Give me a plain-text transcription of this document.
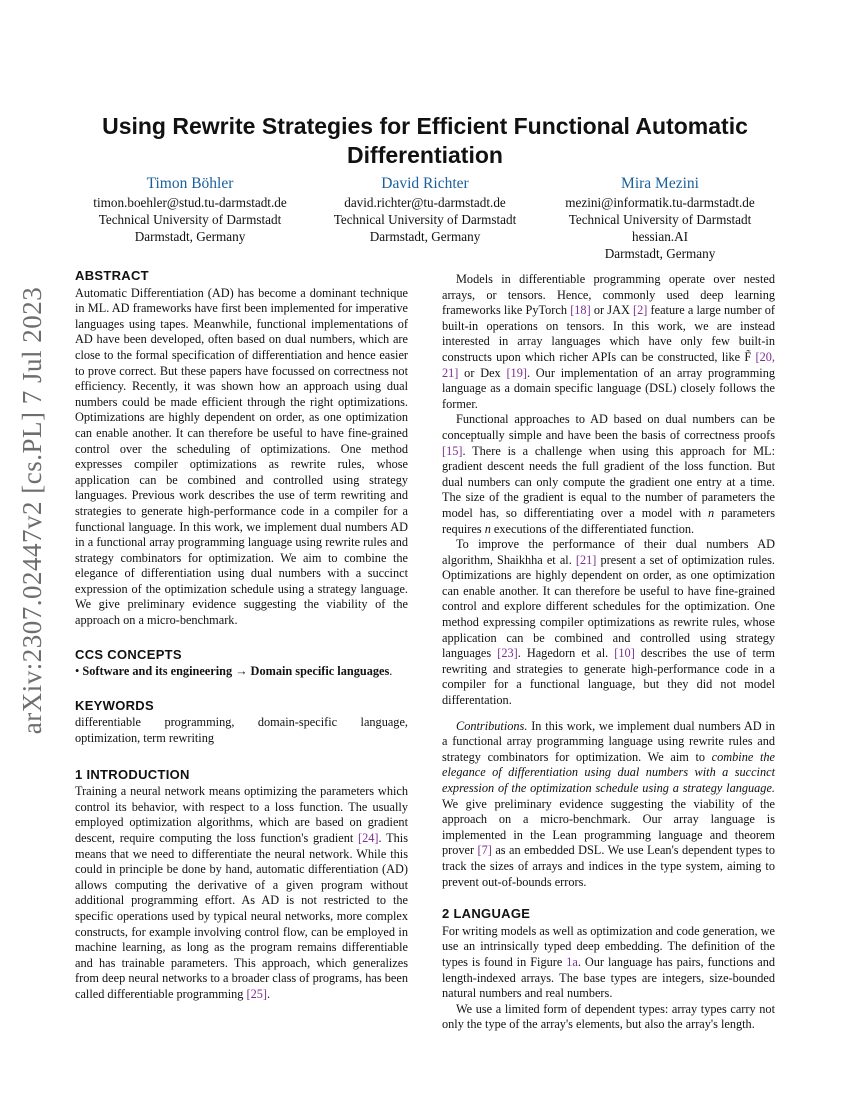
arXiv:2307.02447v2 [cs.PL] 7 Jul 2023
Using Rewrite Strategies for Efficient Functional Automatic Differentiation
Timon Böhler
timon.boehler@stud.tu-darmstadt.de
Technical University of Darmstadt
Darmstadt, Germany
David Richter
david.richter@tu-darmstadt.de
Technical University of Darmstadt
Darmstadt, Germany
Mira Mezini
mezini@informatik.tu-darmstadt.de
Technical University of Darmstadt
hessian.AI
Darmstadt, Germany
ABSTRACT

Automatic Differentiation (AD) has become a dominant technique in ML. AD frameworks have first been implemented for imperative languages using tapes. Meanwhile, functional implementations of AD have been developed, often based on dual numbers, which are close to the formal specification of differentiation and hence easier to prove correct. But these papers have focussed on correctness not efficiency. Recently, it was shown how an approach using dual numbers could be made efficient through the right optimizations. Optimizations are highly dependent on order, as one optimization can enable another. It can therefore be useful to have fine-grained control over the scheduling of optimizations. One method expresses compiler optimizations as rewrite rules, whose application can be combined and controlled using strategy languages. Previous work describes the use of term rewriting and strategies to generate high-performance code in a compiler for a functional language. In this work, we implement dual numbers AD in a functional array programming language using rewrite rules and strategy combinators for optimization. We aim to combine the elegance of differentiation using dual numbers with a succinct expression of the optimization schedule using a strategy language. We give preliminary evidence suggesting the viability of the approach on a micro-benchmark.

CCS CONCEPTS

• Software and its engineering → Domain specific languages.

KEYWORDS

differentiable programming, domain-specific language, optimization, term rewriting

1 INTRODUCTION

Training a neural network means optimizing the parameters which control its behavior, with respect to a loss function. The usually employed optimization algorithms, which are based on gradient descent, require computing the loss function's gradient [24]. This means that we need to differentiate the neural network. While this could in principle be done by hand, automatic differentiation (AD) allows computing the derivative of a given program without additional programming effort. As AD is not restricted to the specific operations used by typical neural networks, more complex constructs, for example involving control flow, can be employed in machine learning, as long as the program remains differentiable and has trainable parameters. This approach, which generalizes from deep neural networks to a broader class of programs, has been called differentiable programming [25].

Models in differentiable programming operate over nested arrays, or tensors. Hence, commonly used deep learning frameworks like PyTorch [18] or JAX [2] feature a large number of built-in operations on tensors. In this work, we are instead interested in array languages which have only few built-in constructs upon which richer APIs can be constructed, like F̃ [20, 21] or Dex [19]. Our implementation of an array programming language as a domain specific language (DSL) closely follows the former.

Functional approaches to AD based on dual numbers can be conceptually simple and have been the basis of correctness proofs [15]. There is a challenge when using this approach for ML: gradient descent needs the full gradient of the loss function. But dual numbers can only compute the gradient one entry at a time. The size of the gradient is equal to the number of parameters the model has, so differentiating over a model with n parameters requires n executions of the differentiated function.

To improve the performance of their dual numbers AD algorithm, Shaikhha et al. [21] present a set of optimization rules. Optimizations are highly dependent on order, as one optimization can enable another. It can therefore be useful to have fine-grained control and explore different schedules for the optimization. One method expressing compiler optimizations as rewrite rules, whose application can be combined and controlled using strategy languages [23]. Hagedorn et al. [10] describes the use of term rewriting and strategies to generate high-performance code in a compiler for a functional language, but they did not model differentation.

Contributions. In this work, we implement dual numbers AD in a functional array programming language using rewrite rules and strategy combinators for optimization. We aim to combine the elegance of differentiation using dual numbers with a succinct expression of the optimization schedule using a strategy language. We give preliminary evidence suggesting the viability of the approach on a micro-benchmark. Our array language is implemented in the Lean programming language and theorem prover [7] as an embedded DSL. We use Lean's dependent types to track the sizes of arrays and indices in the type system, aiming to prevent out-of-bounds errors.

2 LANGUAGE

For writing models as well as optimization and code generation, we use an intrinsically typed deep embedding. The definition of the types is found in Figure 1a. Our language has pairs, functions and length-indexed arrays. The base types are integers, size-bounded natural numbers and real numbers.

We use a limited form of dependent types: array types carry not only the type of the array's elements, but also the array's length.
